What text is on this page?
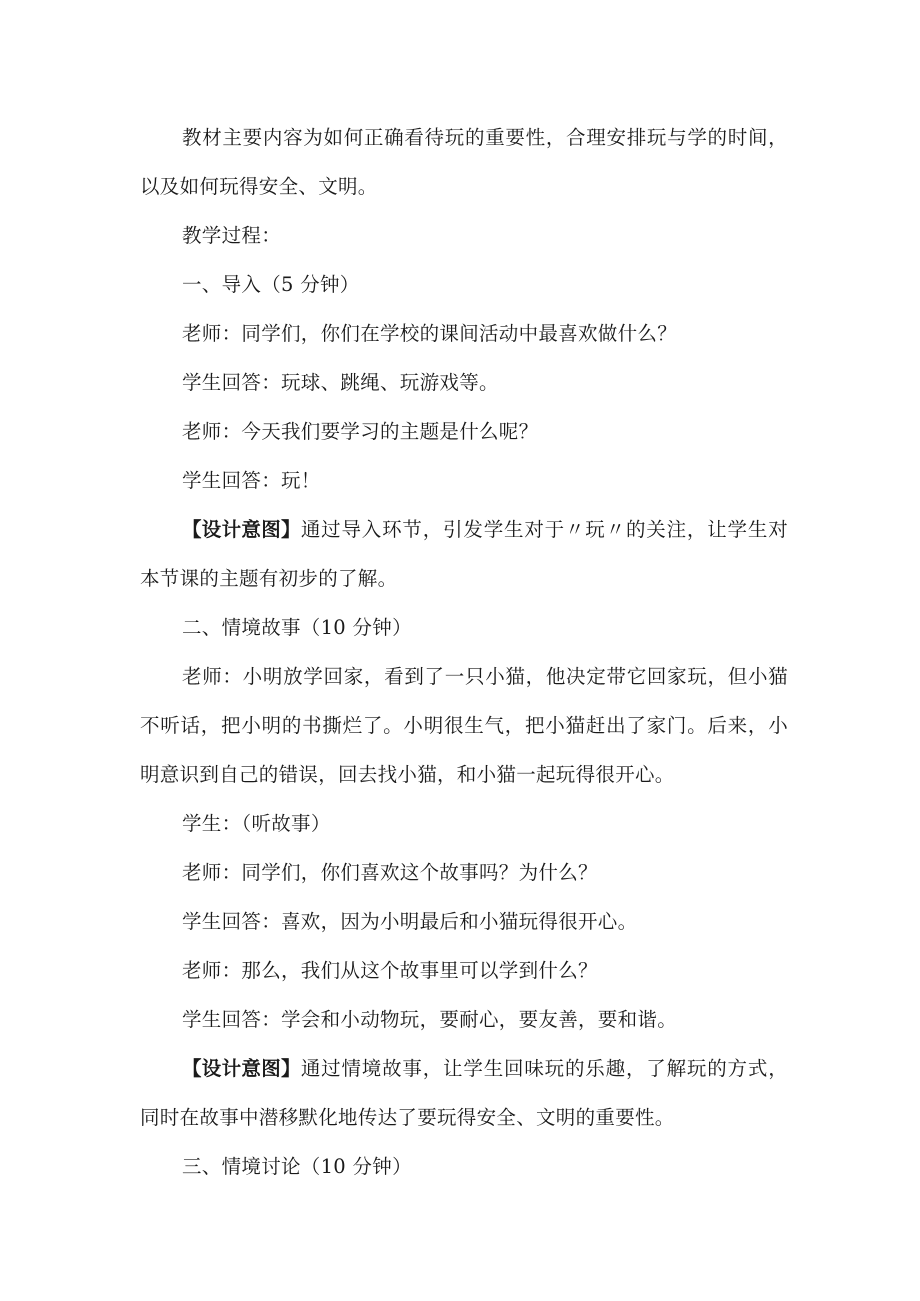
教材主要内容为如何正确看待玩的重要性，合理安排玩与学的时间，
以及如何玩得安全、文明。
教学过程：
一、导入（5 分钟）
老师：同学们，你们在学校的课间活动中最喜欢做什么？
学生回答：玩球、跳绳、玩游戏等。
老师：今天我们要学习的主题是什么呢？
学生回答：玩！
【设计意图】 通过导入环节，引发学生对于〃玩〃的关注，让学生对
本节课的主题有初步的了解。
二、情境故事（10 分钟）
老师：小明放学回家，看到了一只小猫，他决定带它回家玩，但小猫
不听话，把小明的书撕烂了。小明很生气，把小猫赶出了家门。后来，小
明意识到自己的错误，回去找小猫，和小猫一起玩得很开心。
学生：（听故事）
老师：同学们，你们喜欢这个故事吗？为什么？
学生回答：喜欢，因为小明最后和小猫玩得很开心。
老师：那么，我们从这个故事里可以学到什么？
学生回答：学会和小动物玩，要耐心，要友善，要和谐。
【设计意图】 通过情境故事，让学生回味玩的乐趣，了解玩的方式，
同时在故事中潜移默化地传达了要玩得安全、文明的重要性。
三、情境讨论（10 分钟）
